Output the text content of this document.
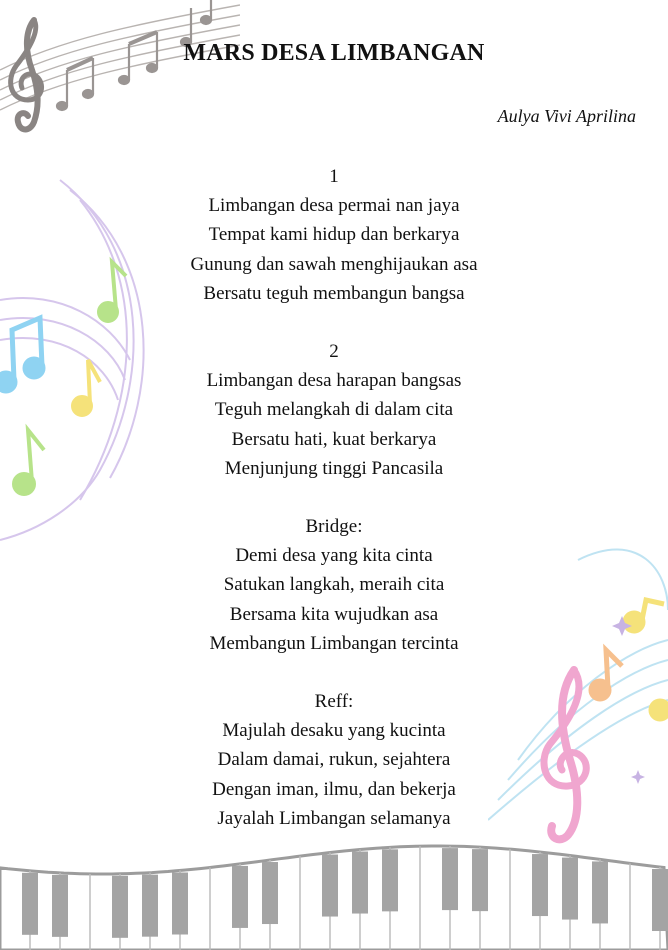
MARS DESA LIMBANGAN
Aulya Vivi Aprilina
1
Limbangan desa permai nan jaya
Tempat kami hidup dan berkarya
Gunung dan sawah menghijaukan asa
Bersatu teguh membangun bangsa
2
Limbangan desa harapan bangsas
Teguh melangkah di dalam cita
Bersatu hati, kuat berkarya
Menjunjung tinggi Pancasila
Bridge:
Demi desa yang kita cinta
Satukan langkah, meraih cita
Bersama kita wujudkan asa
Membangun Limbangan tercinta
Reff:
Majulah desaku yang kucinta
Dalam damai, rukun, sejahtera
Dengan iman, ilmu, dan bekerja
Jayalah Limbangan selamanya
